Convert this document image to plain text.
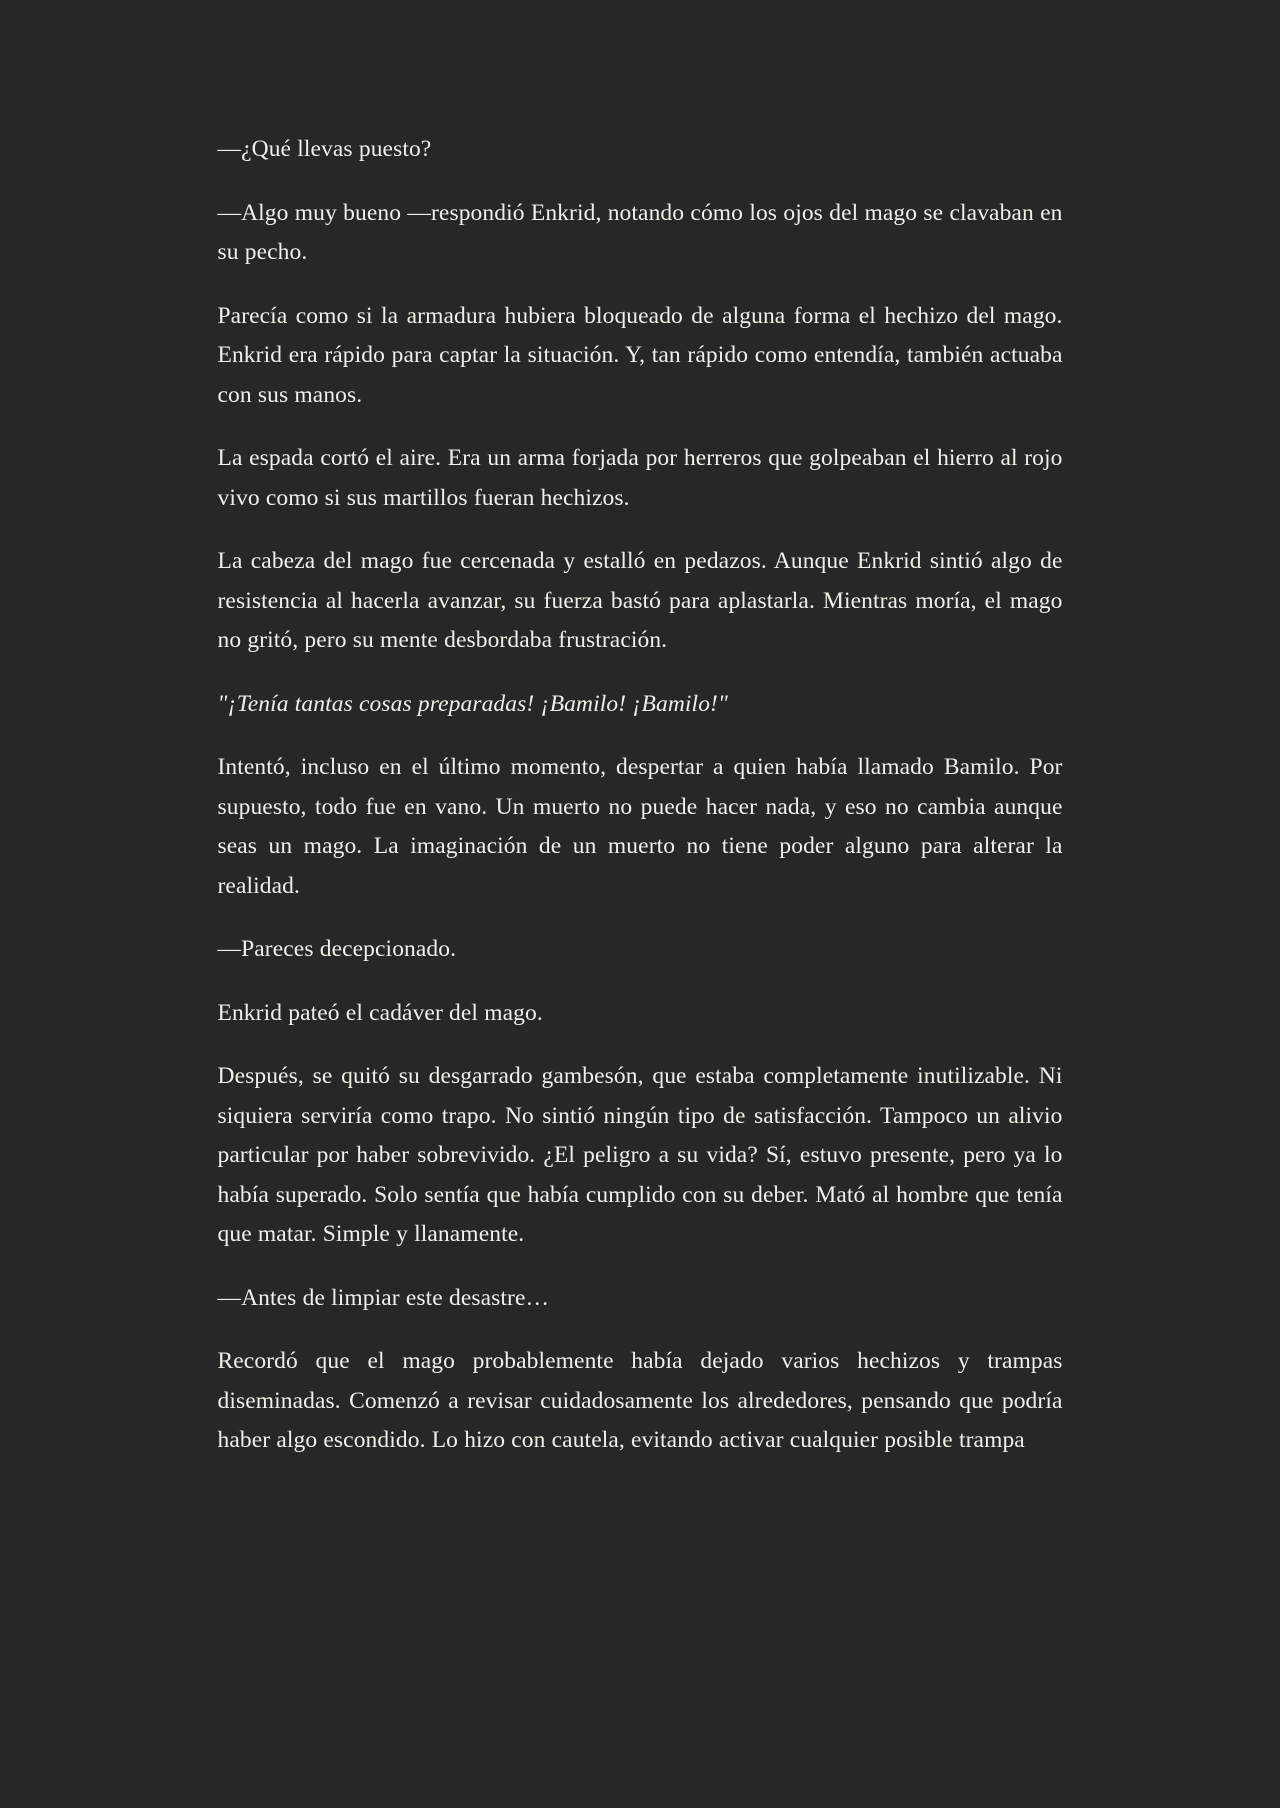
—¿Qué llevas puesto?

—Algo muy bueno —respondió Enkrid, notando cómo los ojos del mago se clavaban en su pecho.

Parecía como si la armadura hubiera bloqueado de alguna forma el hechizo del mago. Enkrid era rápido para captar la situación. Y, tan rápido como entendía, también actuaba con sus manos.

La espada cortó el aire. Era un arma forjada por herreros que golpeaban el hierro al rojo vivo como si sus martillos fueran hechizos.

La cabeza del mago fue cercenada y estalló en pedazos. Aunque Enkrid sintió algo de resistencia al hacerla avanzar, su fuerza bastó para aplastarla. Mientras moría, el mago no gritó, pero su mente desbordaba frustración.

"¡Tenía tantas cosas preparadas! ¡Bamilo! ¡Bamilo!"

Intentó, incluso en el último momento, despertar a quien había llamado Bamilo. Por supuesto, todo fue en vano. Un muerto no puede hacer nada, y eso no cambia aunque seas un mago. La imaginación de un muerto no tiene poder alguno para alterar la realidad.

—Pareces decepcionado.

Enkrid pateó el cadáver del mago.

Después, se quitó su desgarrado gambesón, que estaba completamente inutilizable. Ni siquiera serviría como trapo. No sintió ningún tipo de satisfacción. Tampoco un alivio particular por haber sobrevivido. ¿El peligro a su vida? Sí, estuvo presente, pero ya lo había superado. Solo sentía que había cumplido con su deber. Mató al hombre que tenía que matar. Simple y llanamente.

—Antes de limpiar este desastre…

Recordó que el mago probablemente había dejado varios hechizos y trampas diseminadas. Comenzó a revisar cuidadosamente los alrededores, pensando que podría haber algo escondido. Lo hizo con cautela, evitando activar cualquier posible trampa
